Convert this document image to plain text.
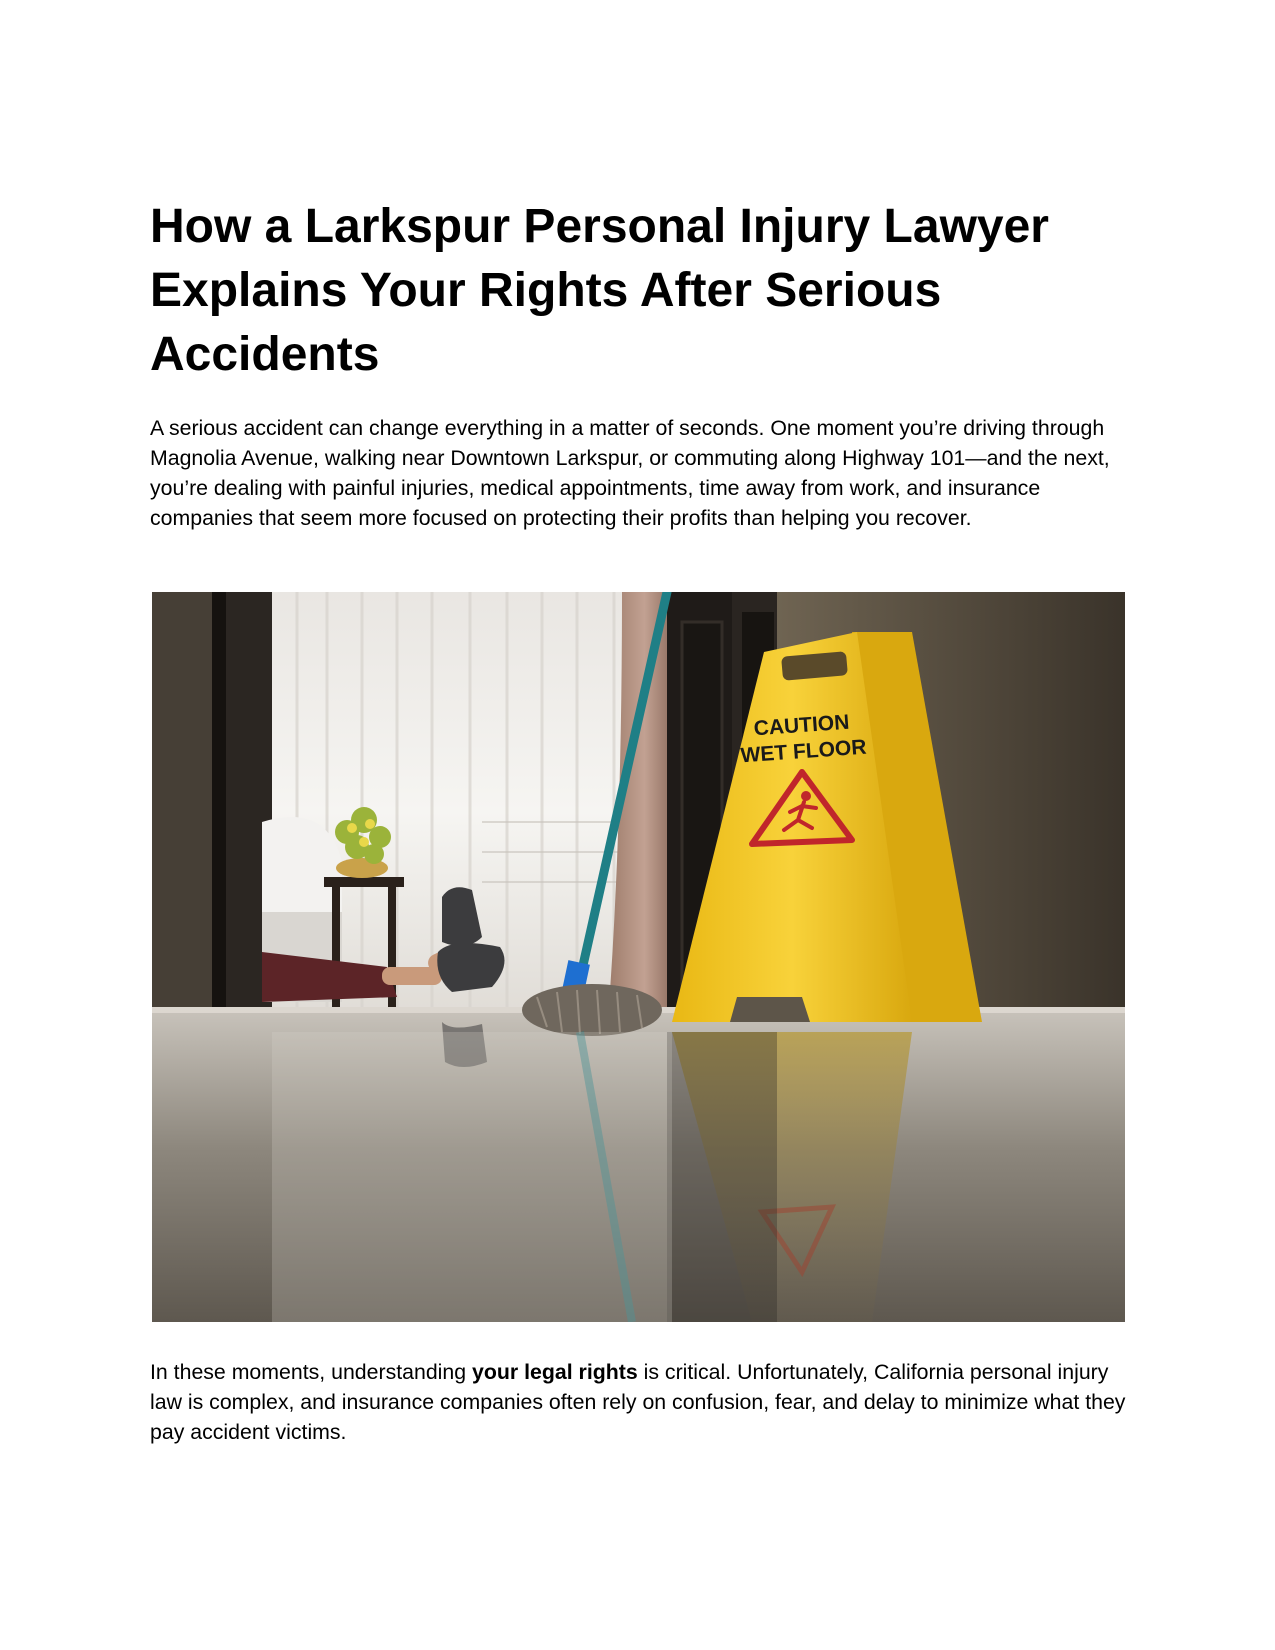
How a Larkspur Personal Injury Lawyer Explains Your Rights After Serious Accidents

A serious accident can change everything in a matter of seconds. One moment you’re driving through Magnolia Avenue, walking near Downtown Larkspur, or commuting along Highway 101—and the next, you’re dealing with painful injuries, medical appointments, time away from work, and insurance companies that seem more focused on protecting their profits than helping you recover.

CAUTION
WET FLOOR

In these moments, understanding your legal rights is critical. Unfortunately, California personal injury law is complex, and insurance companies often rely on confusion, fear, and delay to minimize what they pay accident victims.
